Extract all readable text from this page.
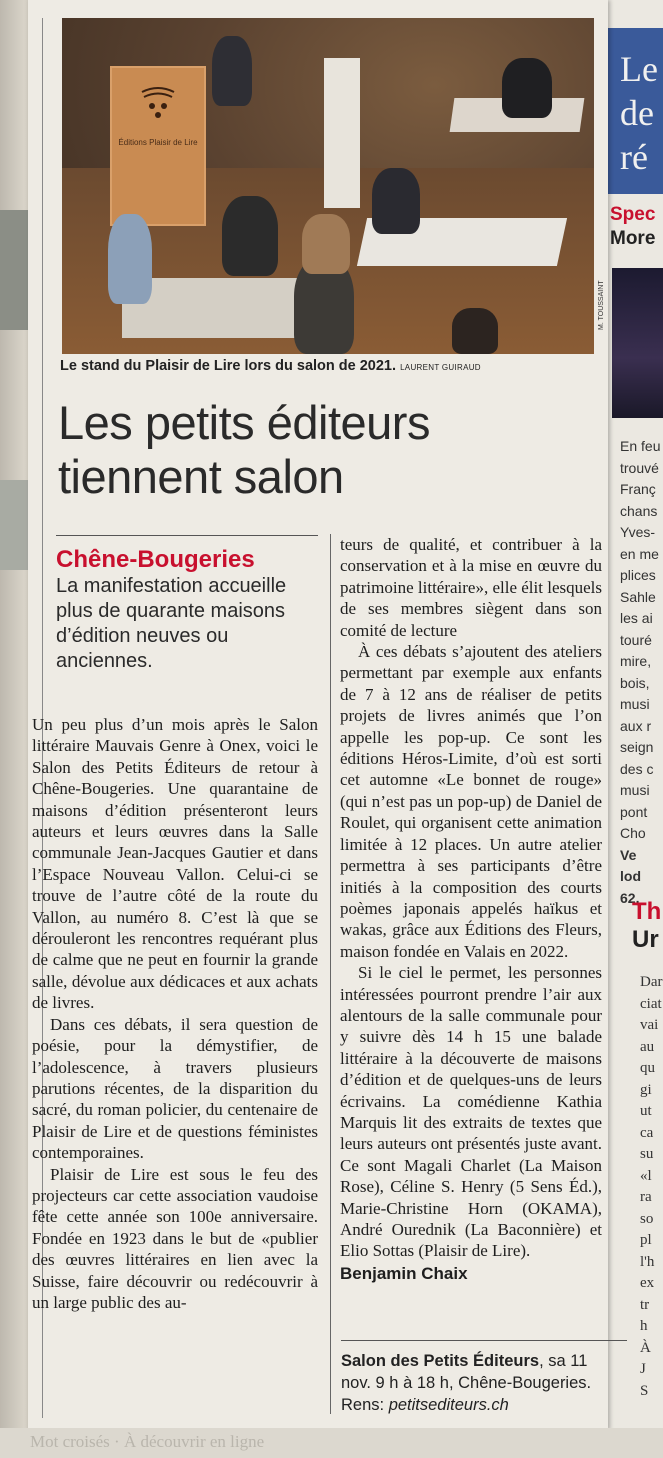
Le
de
ré
Spec
More
En feu
trouvé
Franç
chans
Yves-
en me
plices
Sahle
les ai
touré
mire,
bois,
musi
aux r
seign
des c
musi
pont
Cho
Ve
lod
62,
Th
Ur
Dar
ciat
vai
au
qu
gi
ut
ca
su
«l
ra
so
pl
l'h
ex
tr
h
À
J
S
Éditions Plaisir de Lire
Le stand du Plaisir de Lire lors du salon de 2021. LAURENT GUIRAUD
M. TOUSSAINT
Les petits éditeurs tiennent salon
Chêne-Bougeries
La manifestation accueille plus de quarante maisons d’édition neuves ou anciennes.

Un peu plus d’un mois après le Salon littéraire Mauvais Genre à Onex, voici le Salon des Petits Éditeurs de retour à Chêne-Bougeries. Une quarantaine de maisons d’édition présenteront leurs auteurs et leurs œuvres dans la Salle communale Jean-Jacques Gautier et dans l’Espace Nouveau Vallon. Celui-ci se trouve de l’autre côté de la route du Vallon, au numéro 8. C’est là que se dérouleront les rencontres requérant plus de calme que ne peut en fournir la grande salle, dévolue aux dédicaces et aux achats de livres.

Dans ces débats, il sera question de poésie, pour la démystifier, de l’adolescence, à travers plusieurs parutions récentes, de la disparition du sacré, du roman policier, du centenaire de Plaisir de Lire et de questions féministes contemporaines.

Plaisir de Lire est sous le feu des projecteurs car cette association vaudoise fête cette année son 100e anniversaire. Fondée en 1923 dans le but de «publier des œuvres littéraires en lien avec la Suisse, faire découvrir ou redécouvrir à un large public des au-

teurs de qualité, et contribuer à la conservation et à la mise en œuvre du patrimoine littéraire», elle élit lesquels de ses membres siègent dans son comité de lecture

À ces débats s’ajoutent des ateliers permettant par exemple aux enfants de 7 à 12 ans de réaliser de petits projets de livres animés que l’on appelle les pop-up. Ce sont les éditions Héros-Limite, d’où est sorti cet automne «Le bonnet de rouge» (qui n’est pas un pop-up) de Daniel de Roulet, qui organisent cette animation limitée à 12 places. Un autre atelier permettra à ses participants d’être initiés à la composition des courts poèmes japonais appelés haïkus et wakas, grâce aux Éditions des Fleurs, maison fondée en Valais en 2022.

Si le ciel le permet, les personnes intéressées pourront prendre l’air aux alentours de la salle communale pour y suivre dès 14 h 15 une balade littéraire à la découverte de maisons d’édition et de quelques-uns de leurs écrivains. La comédienne Kathia Marquis lit des extraits de textes que leurs auteurs ont présentés juste avant. Ce sont Magali Charlet (La Maison Rose), Céline S. Henry (5 Sens Éd.), Marie-Christine Horn (OKAMA), André Ourednik (La Baconnière) et Elio Sottas (Plaisir de Lire).

Benjamin Chaix

Salon des Petits Éditeurs, sa 11 nov. 9 h à 18 h, Chêne-Bougeries. Rens: petitsediteurs.ch
Mot croisés · À découvrir en ligne
